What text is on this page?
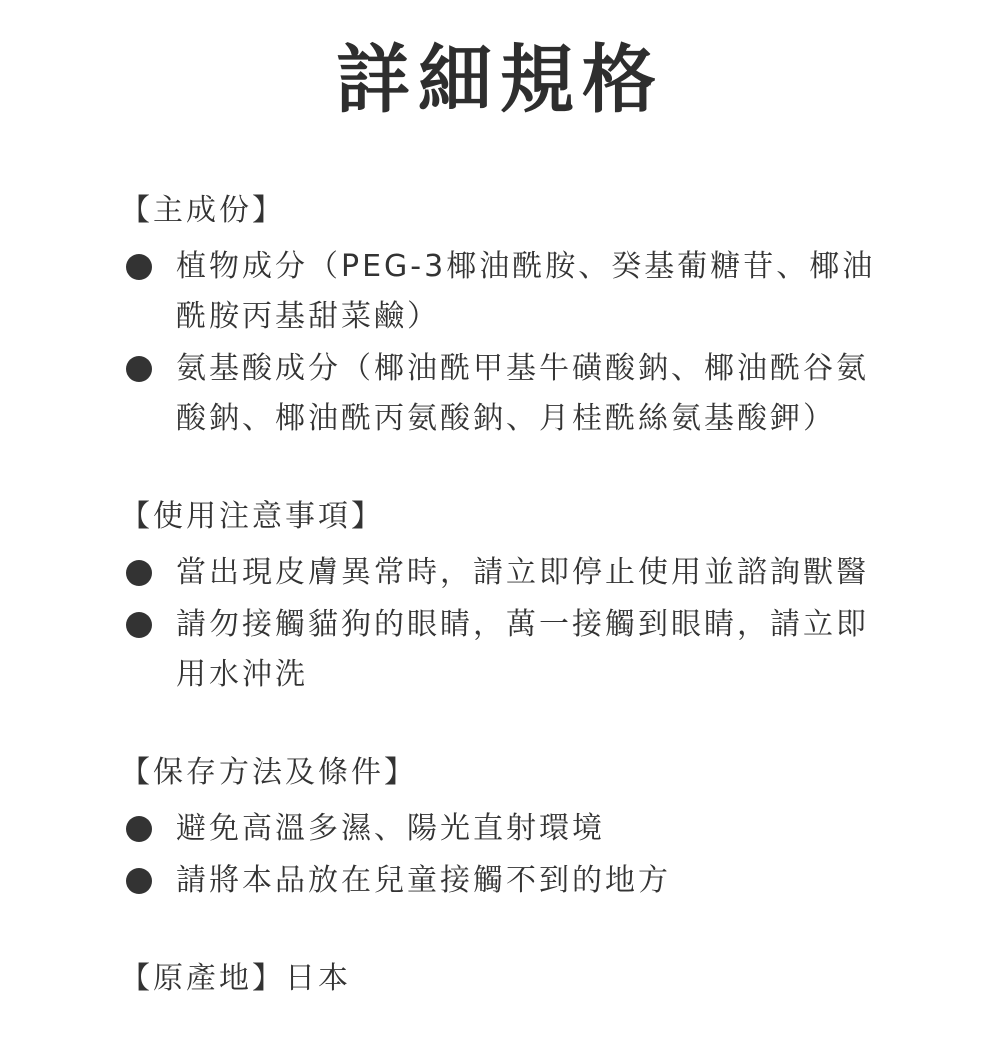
詳細規格
【主成份】
植物成分（PEG-3椰油酰胺、癸基葡糖苷、椰油酰胺丙基甜菜鹼）
氨基酸成分（椰油酰甲基牛磺酸鈉、椰油酰谷氨酸鈉、椰油酰丙氨酸鈉、月桂酰絲氨基酸鉀）
【使用注意事項】
當出現皮膚異常時，請立即停止使用並諮詢獸醫
請勿接觸貓狗的眼睛，萬一接觸到眼睛，請立即用水沖洗
【保存方法及條件】
避免高溫多濕、陽光直射環境
請將本品放在兒童接觸不到的地方
【原產地】日本
